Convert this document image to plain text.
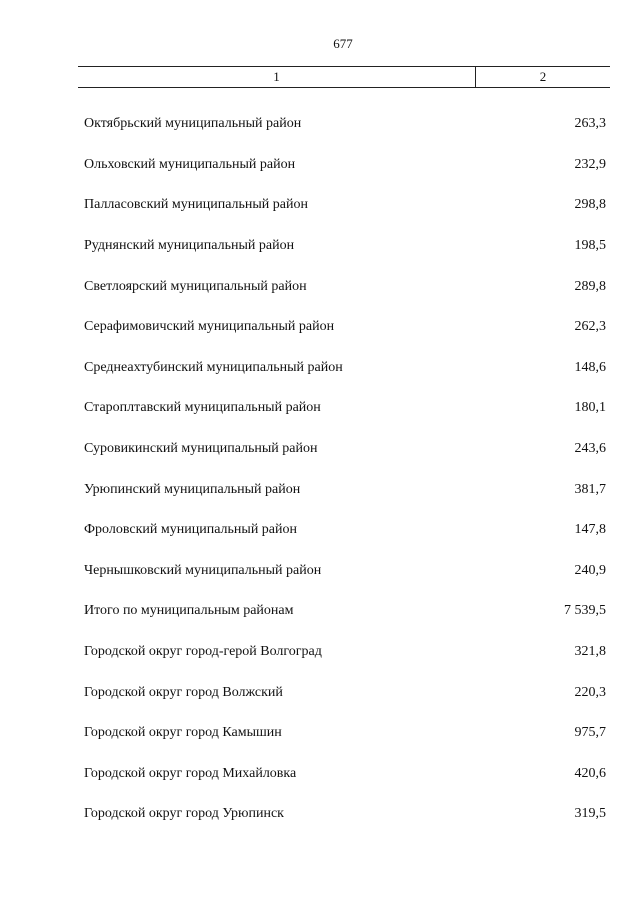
677
1	2
Октябрьский муниципальный район	263,3
Ольховский муниципальный район	232,9
Палласовский муниципальный район	298,8
Руднянский муниципальный район	198,5
Светлоярский муниципальный район	289,8
Серафимовичский муниципальный район	262,3
Среднеахтубинский муниципальный район	148,6
Староплтавский муниципальный район	180,1
Суровикинский муниципальный район	243,6
Урюпинский муниципальный район	381,7
Фроловский муниципальный район	147,8
Чернышковский муниципальный район	240,9
Итого по муниципальным районам	7 539,5
Городской округ город-герой Волгоград	321,8
Городской округ город Волжский	220,3
Городской округ город Камышин	975,7
Городской округ город Михайловка	420,6
Городской округ город Урюпинск	319,5
